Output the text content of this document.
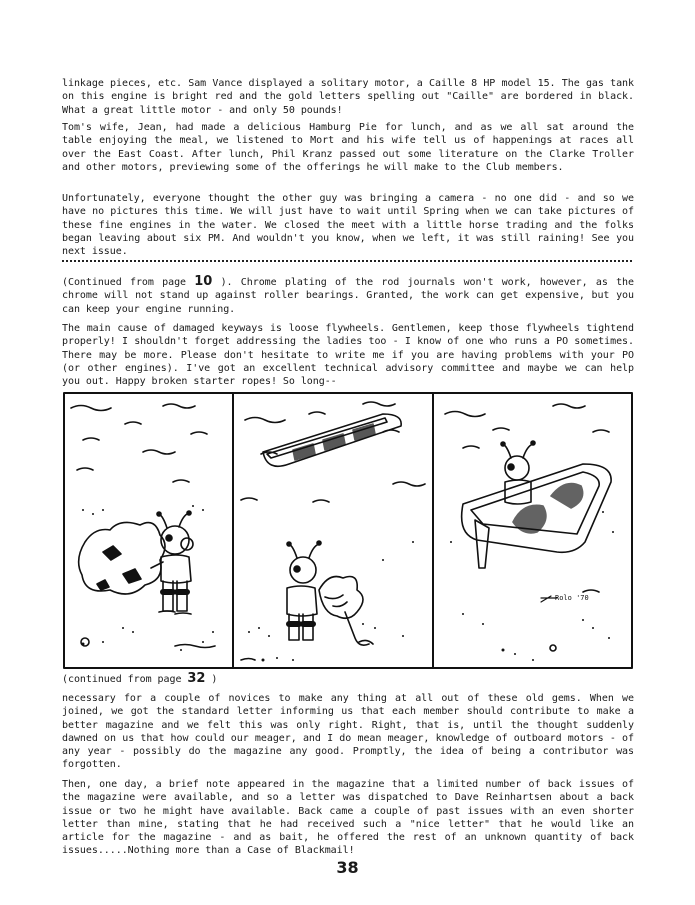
linkage pieces, etc. Sam Vance displayed a solitary motor, a Caille 8 HP model 15. The gas tank on this engine is bright red and the gold letters spelling out "Caille" are bordered in black. What a great little motor - and only 50 pounds!

Tom's wife, Jean, had made a delicious Hamburg Pie for lunch, and as we all sat around the table enjoying the meal, we listened to Mort and his wife tell us of happenings at races all over the East Coast. After lunch, Phil Kranz passed out some literature on the Clarke Troller and other motors, previewing some of the offerings he will make to the Club members.

Unfortunately, everyone thought the other guy was bringing a camera - no one did - and so we have no pictures this time. We will just have to wait until Spring when we can take pictures of these fine engines in the water. We closed the meet with a little horse trading and the folks began leaving about six PM. And wouldn't you know, when we left, it was still raining! See you next issue.

(Continued from page 10 ). Chrome plating of the rod journals won't work, however, as the chrome will not stand up against roller bearings. Granted, the work can get expensive, but you can keep your engine running.

The main cause of damaged keyways is loose flywheels. Gentlemen, keep those flywheels tightend properly! I shouldn't forget addressing the ladies too - I know of one who runs a PO sometimes. There may be more. Please don't hesitate to write me if you are having problems with your PO (or other engines). I've got an excellent technical advisory committee and maybe we can help you out. Happy broken starter ropes! So long--

Rolo '70

(continued from page 32 )

necessary for a couple of novices to make any thing at all out of these old gems. When we joined, we got the standard letter informing us that each member should contribute to make a better magazine and we felt this was only right. Right, that is, until the thought suddenly dawned on us that how could our meager, and I do mean meager, knowledge of outboard motors - of any year - possibly do the magazine any good. Promptly, the idea of being a contributor was forgotten.

Then, one day, a brief note appeared in the magazine that a limited number of back issues of the magazine were available, and so a letter was dispatched to Dave Reinhartsen about a back issue or two he might have available. Back came a couple of past issues with an even shorter letter than mine, stating that he had received such a "nice letter" that he would like an article for the magazine - and as bait, he offered the rest of an unknown quantity of back issues.....Nothing more than a Case of Blackmail!

38
